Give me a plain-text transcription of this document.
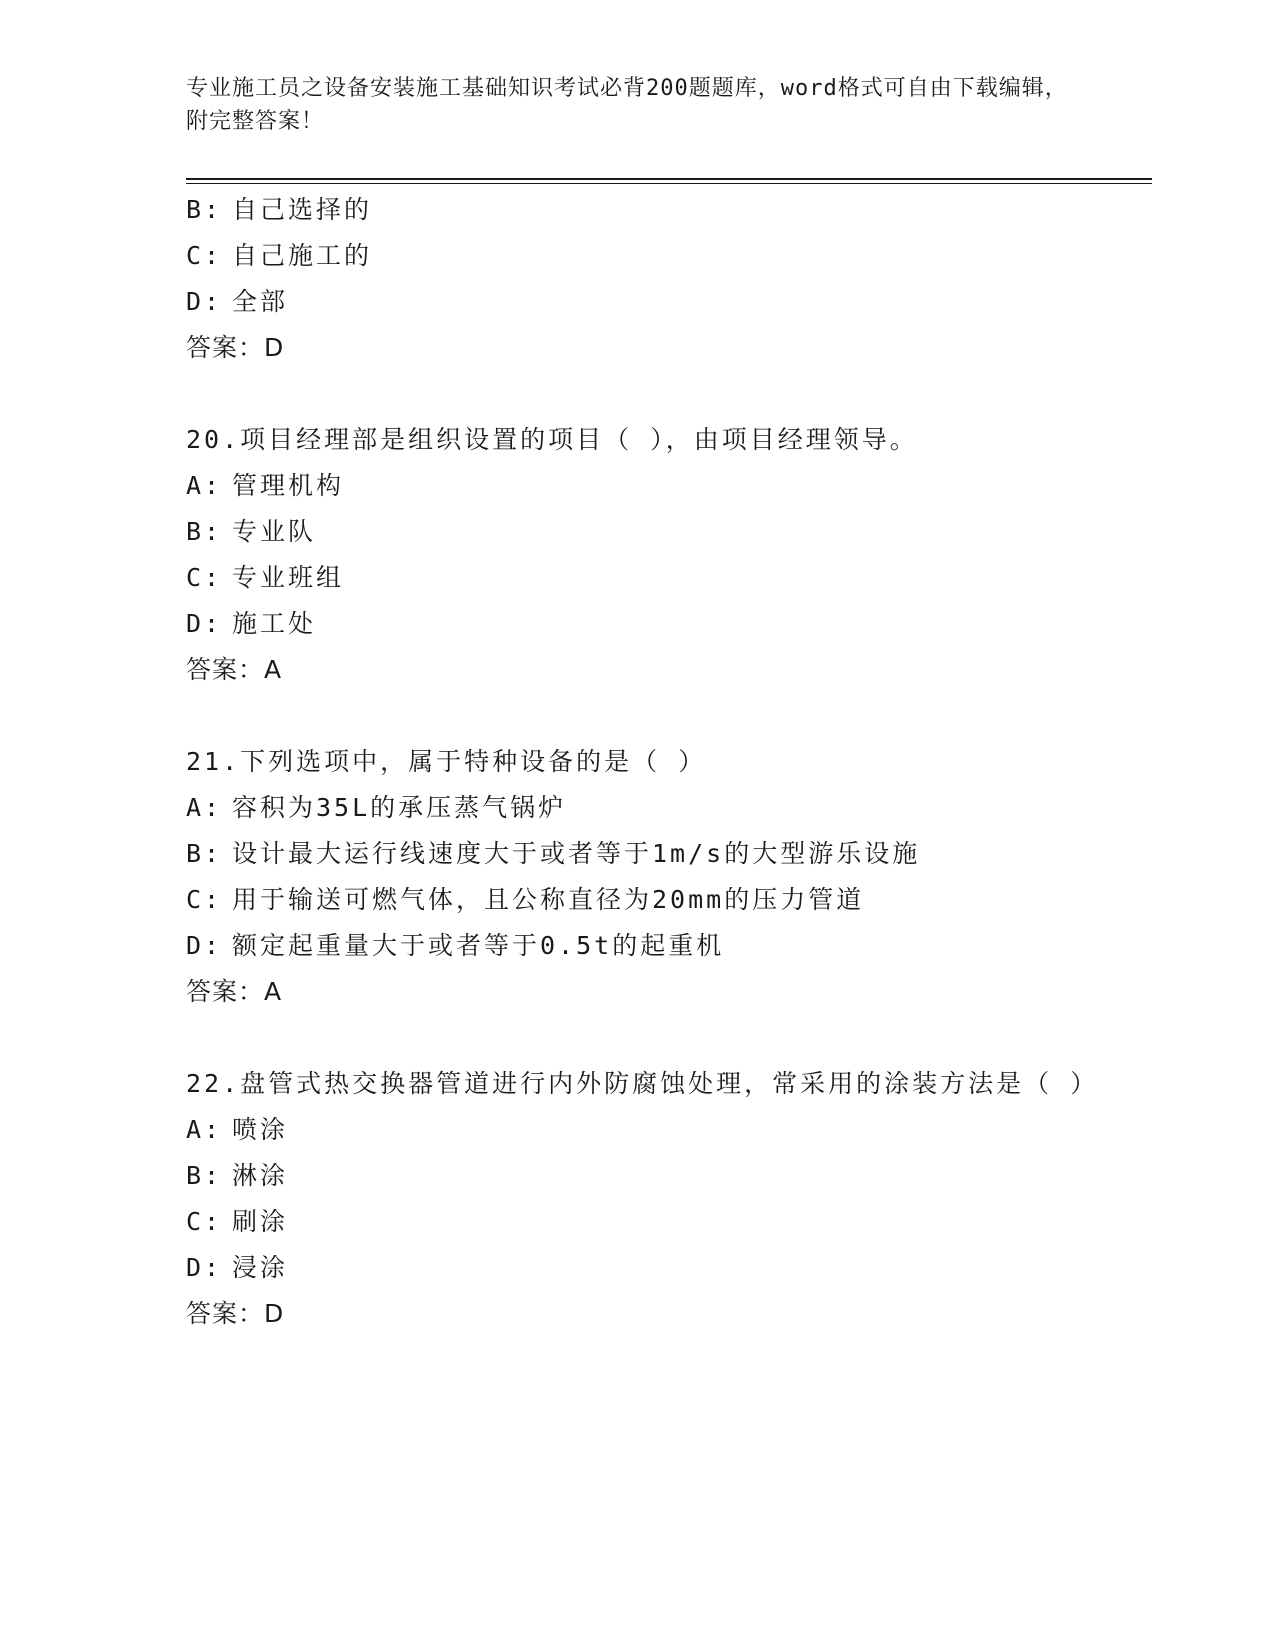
专业施工员之设备安装施工基础知识考试必背200题题库，word格式可自由下载编辑，附完整答案！
B: 自己选择的
C: 自己施工的
D: 全部
答案：D
20.项目经理部是组织设置的项目（ ），由项目经理领导。
A: 管理机构
B: 专业队
C: 专业班组
D: 施工处
答案：A
21.下列选项中，属于特种设备的是（ ）
A: 容积为35L的承压蒸气锅炉
B: 设计最大运行线速度大于或者等于1m/s的大型游乐设施
C: 用于输送可燃气体，且公称直径为20mm的压力管道
D: 额定起重量大于或者等于0.5t的起重机
答案：A
22.盘管式热交换器管道进行内外防腐蚀处理，常采用的涂装方法是（ ）
A: 喷涂
B: 淋涂
C: 刷涂
D: 浸涂
答案：D
